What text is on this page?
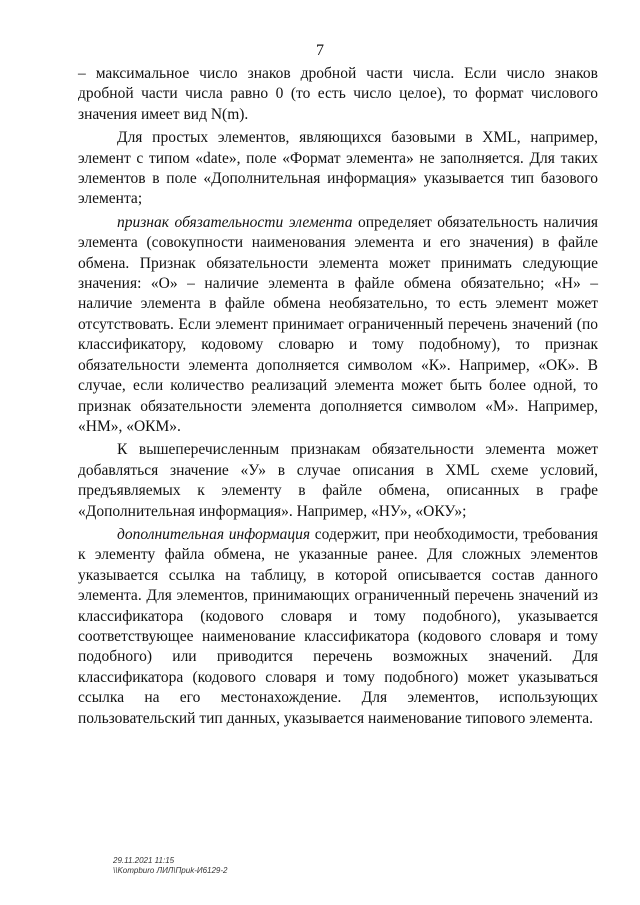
7

– максимальное число знаков дробной части числа. Если число знаков дробной части числа равно 0 (то есть число целое), то формат числового значения имеет вид N(m).

Для простых элементов, являющихся базовыми в XML, например, элемент с типом «date», поле «Формат элемента» не заполняется. Для таких элементов в поле «Дополнительная информация» указывается тип базового элемента;

признак обязательности элемента определяет обязательность наличия элемента (совокупности наименования элемента и его значения) в файле обмена. Признак обязательности элемента может принимать следующие значения: «О» – наличие элемента в файле обмена обязательно; «Н» – наличие элемента в файле обмена необязательно, то есть элемент может отсутствовать. Если элемент принимает ограниченный перечень значений (по классификатору, кодовому словарю и тому подобному), то признак обязательности элемента дополняется символом «К». Например, «ОК». В случае, если количество реализаций элемента может быть более одной, то признак обязательности элемента дополняется символом «М». Например, «НМ», «ОКМ».

К вышеперечисленным признакам обязательности элемента может добавляться значение «У» в случае описания в XML схеме условий, предъявляемых к элементу в файле обмена, описанных в графе «Дополнительная информация». Например, «НУ», «ОКУ»;

дополнительная информация содержит, при необходимости, требования к элементу файла обмена, не указанные ранее. Для сложных элементов указывается ссылка на таблицу, в которой описывается состав данного элемента. Для элементов, принимающих ограниченный перечень значений из классификатора (кодового словаря и тому подобного), указывается соответствующее наименование классификатора (кодового словаря и тому подобного) или приводится перечень возможных значений. Для классификатора (кодового словаря и тому подобного) может указываться ссылка на его местонахождение. Для элементов, использующих пользовательский тип данных, указывается наименование типового элемента.

29.11.2021 11:15
\\Kompburo ЛИЛ\Приk-И6129-2
